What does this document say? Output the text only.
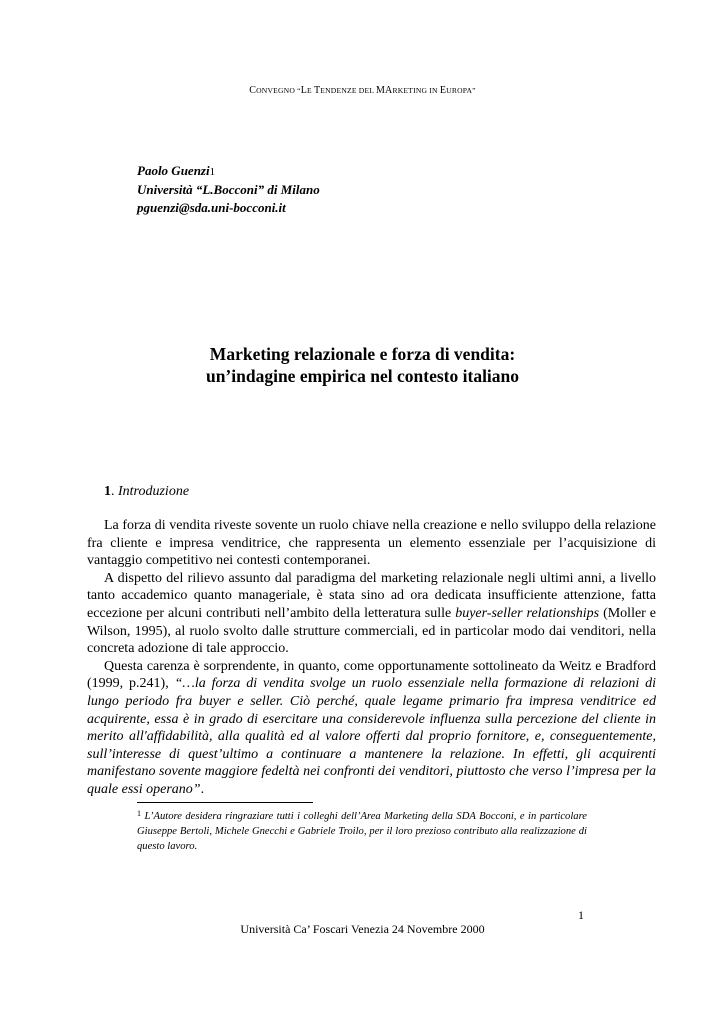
CONVEGNO “LE TENDENZE DEL MARKETING IN EUROPA”
Paolo Guenzi1
Università “L.Bocconi” di Milano
pguenzi@sda.uni-bocconi.it
Marketing relazionale e forza di vendita:
un’indagine empirica nel contesto italiano
1. Introduzione

La forza di vendita riveste sovente un ruolo chiave nella creazione e nello sviluppo della relazione fra cliente e impresa venditrice, che rappresenta un elemento essenziale per l’acquisizione di vantaggio competitivo nei contesti contemporanei.

A dispetto del rilievo assunto dal paradigma del marketing relazionale negli ultimi anni, a livello tanto accademico quanto manageriale, è stata sino ad ora dedicata insufficiente attenzione, fatta eccezione per alcuni contributi nell’ambito della letteratura sulle buyer-seller relationships (Moller e Wilson, 1995), al ruolo svolto dalle strutture commerciali, ed in particolar modo dai venditori, nella concreta adozione di tale approccio.

Questa carenza è sorprendente, in quanto, come opportunamente sottolineato da Weitz e Bradford (1999, p.241), “…la forza di vendita svolge un ruolo essenziale nella formazione di relazioni di lungo periodo fra buyer e seller. Ciò perché, quale legame primario fra impresa venditrice ed acquirente, essa è in grado di esercitare una considerevole influenza sulla percezione del cliente in merito all'affidabilità, alla qualità ed al valore offerti dal proprio fornitore, e, conseguentemente, sull’interesse di quest’ultimo a continuare a mantenere la relazione. In effetti, gli acquirenti manifestano sovente maggiore fedeltà nei confronti dei venditori, piuttosto che verso l’impresa per la quale essi operano”.

$^1$ L’Autore desidera ringraziare tutti i colleghi dell’Area Marketing della SDA Bocconi, e in particolare Giuseppe Bertoli, Michele Gnecchi e Gabriele Troilo, per il loro prezioso contributo alla realizzazione di questo lavoro.
1
Università Ca’ Foscari Venezia 24 Novembre 2000
